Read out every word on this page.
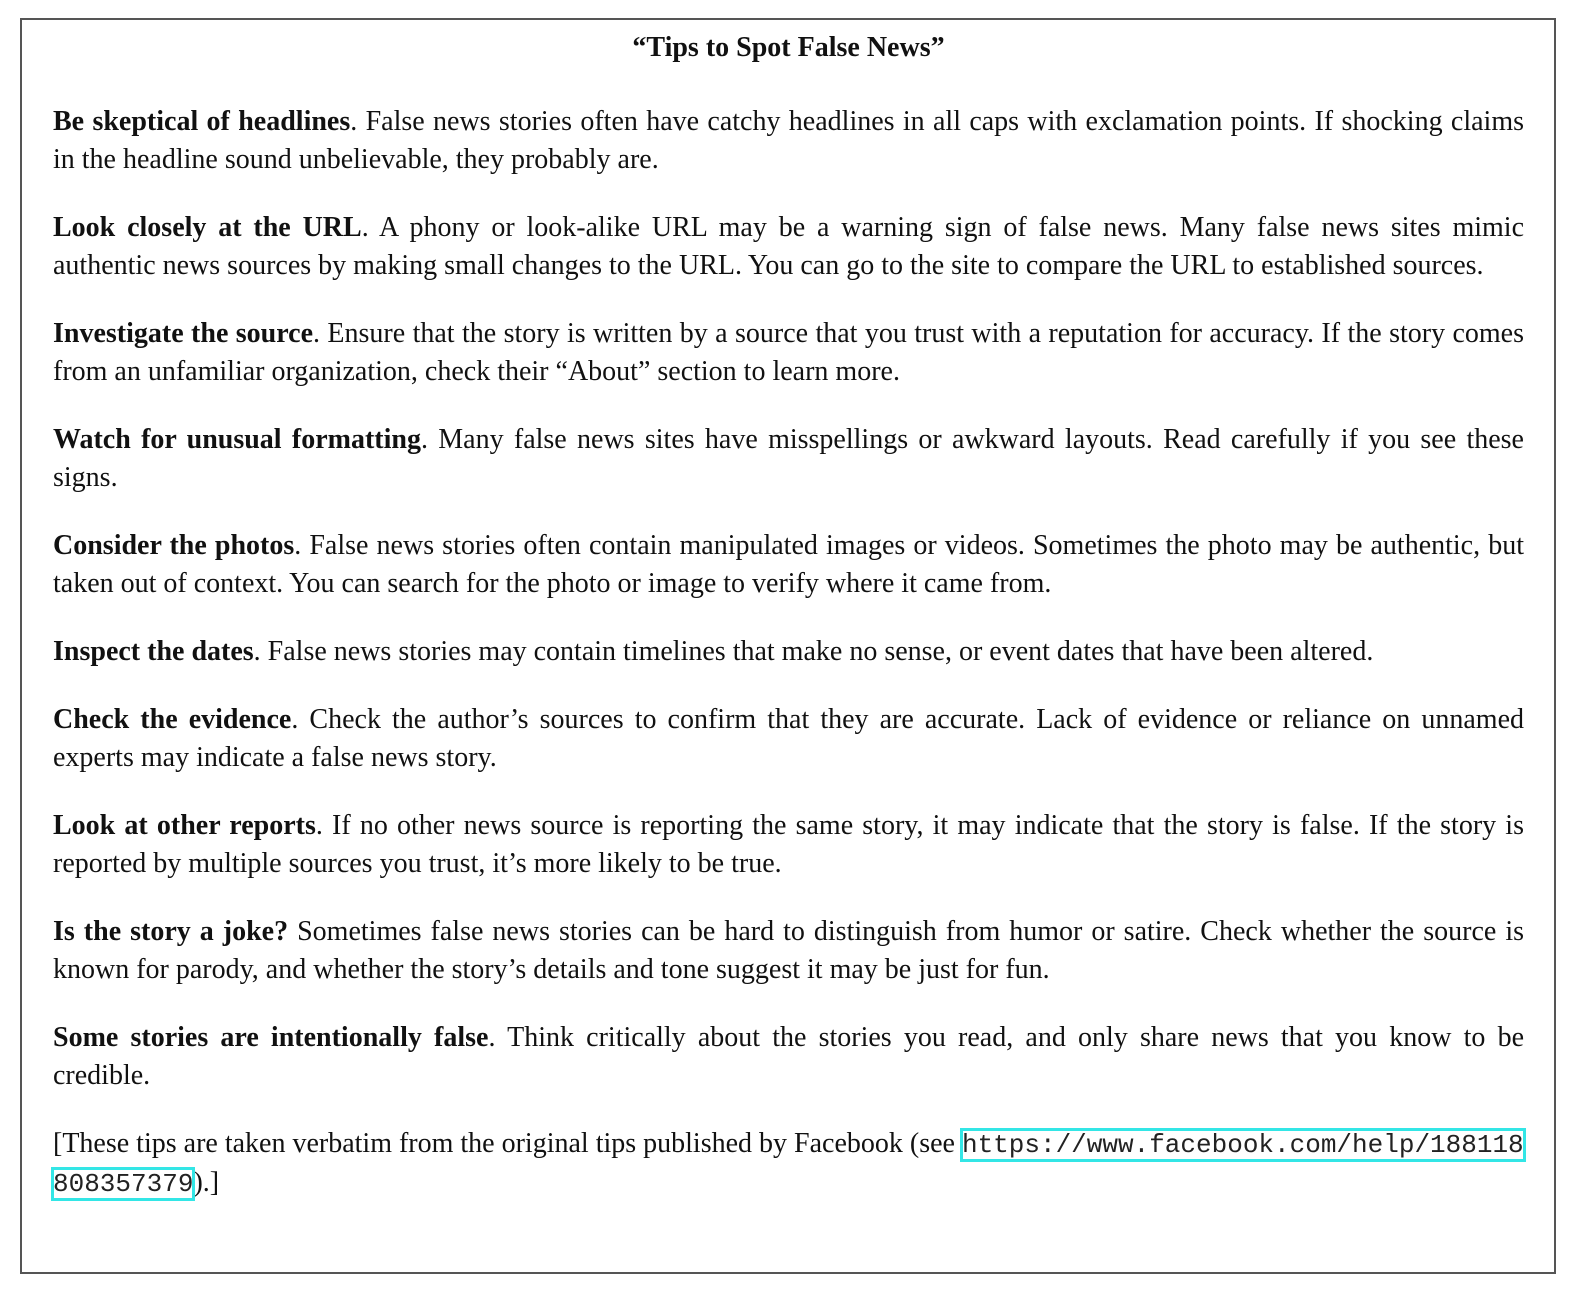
“Tips to Spot False News”

Be skeptical of headlines. False news stories often have catchy headlines in all caps with exclamation points. If shocking claims in the headline sound unbelievable, they probably are.

Look closely at the URL. A phony or look-alike URL may be a warning sign of false news. Many false news sites mimic authentic news sources by making small changes to the URL. You can go to the site to compare the URL to established sources.

Investigate the source. Ensure that the story is written by a source that you trust with a reputation for accuracy. If the story comes from an unfamiliar organization, check their “About” section to learn more.

Watch for unusual formatting. Many false news sites have misspellings or awkward layouts. Read carefully if you see these signs.

Consider the photos. False news stories often contain manipulated images or videos. Sometimes the photo may be authentic, but taken out of context. You can search for the photo or image to verify where it came from.

Inspect the dates. False news stories may contain timelines that make no sense, or event dates that have been altered.

Check the evidence. Check the author’s sources to confirm that they are accurate. Lack of evidence or reliance on unnamed experts may indicate a false news story.

Look at other reports. If no other news source is reporting the same story, it may indicate that the story is false. If the story is reported by multiple sources you trust, it’s more likely to be true.

Is the story a joke? Sometimes false news stories can be hard to distinguish from humor or satire. Check whether the source is known for parody, and whether the story’s details and tone suggest it may be just for fun.

Some stories are intentionally false. Think critically about the stories you read, and only share news that you know to be credible.

[These tips are taken verbatim from the original tips published by Facebook (see https://www.facebook.com/help/188118808357379).]
